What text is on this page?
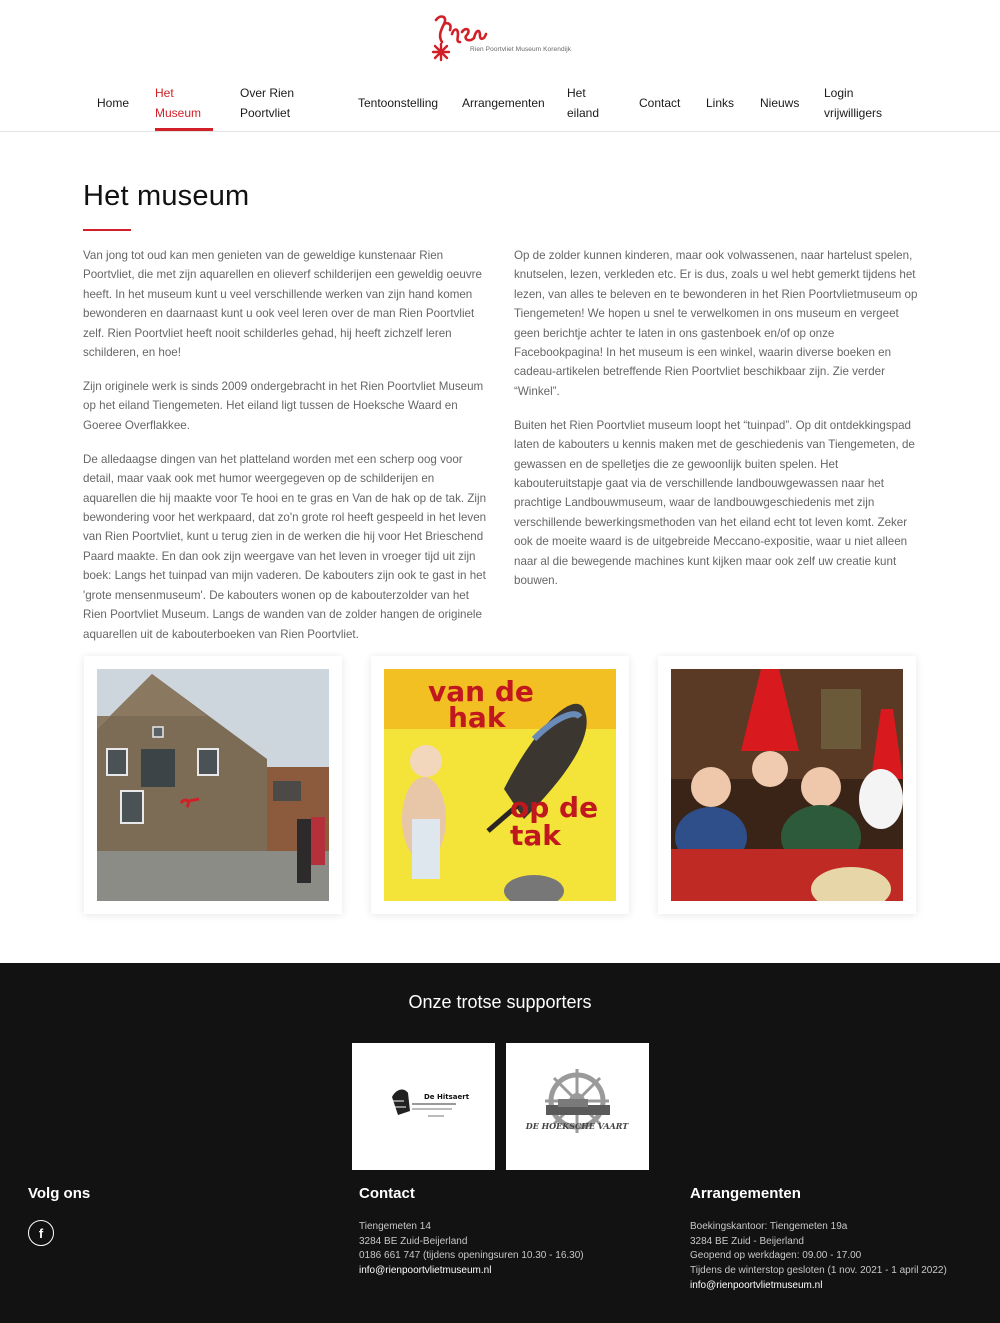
Rien Poortvliet Museum Korendijk
Home
Het
Museum
Over Rien
Poortvliet
Tentoonstelling Arrangementen
Het
eiland
Contact Links Nieuws
Login
vrijwilligers
Het museum

Van jong tot oud kan men genieten van de geweldige kunstenaar Rien Poortvliet, die met zijn aquarellen en olieverf schilderijen een geweldig oeuvre heeft. In het museum kunt u veel verschillende werken van zijn hand komen bewonderen en daarnaast kunt u ook veel leren over de man Rien Poortvliet zelf. Rien Poortvliet heeft nooit schilderles gehad, hij heeft zichzelf leren schilderen, en hoe!

Zijn originele werk is sinds 2009 ondergebracht in het Rien Poortvliet Museum op het eiland Tiengemeten. Het eiland ligt tussen de Hoeksche Waard en Goeree Overflakkee.

De alledaagse dingen van het platteland worden met een scherp oog voor detail, maar vaak ook met humor weergegeven op de schilderijen en aquarellen die hij maakte voor Te hooi en te gras en Van de hak op de tak. Zijn bewondering voor het werkpaard, dat zo'n grote rol heeft gespeeld in het leven van Rien Poortvliet, kunt u terug zien in de werken die hij voor Het Brieschend Paard maakte. En dan ook zijn weergave van het leven in vroeger tijd uit zijn boek: Langs het tuinpad van mijn vaderen. De kabouters zijn ook te gast in het 'grote mensenmuseum'. De kabouters wonen op de kabouterzolder van het Rien Poortvliet Museum. Langs de wanden van de zolder hangen de originele aquarellen uit de kabouterboeken van Rien Poortvliet.

Op de zolder kunnen kinderen, maar ook volwassenen, naar hartelust spelen, knutselen, lezen, verkleden etc. Er is dus, zoals u wel hebt gemerkt tijdens het lezen, van alles te beleven en te bewonderen in het Rien Poortvlietmuseum op Tiengemeten! We hopen u snel te verwelkomen in ons museum en vergeet geen berichtje achter te laten in ons gastenboek en/of op onze Facebookpagina! In het museum is een winkel, waarin diverse boeken en cadeau-artikelen betreffende Rien Poortvliet beschikbaar zijn. Zie verder “Winkel”.

Buiten het Rien Poortvliet museum loopt het “tuinpad”. Op dit ontdekkingspad laten de kabouters u kennis maken met de geschiedenis van Tiengemeten, de gewassen en de spelletjes die ze gewoonlijk buiten spelen. Het kabouteruitstapje gaat via de verschillende landbouwgewassen naar het prachtige Landbouwmuseum, waar de landbouwgeschiedenis met zijn verschillende bewerkingsmethoden van het eiland echt tot leven komt. Zeker ook de moeite waard is de uitgebreide Meccano-expositie, waar u niet alleen naar al die bewegende machines kunt kijken maar ook zelf uw creatie kunt bouwen.

van de
hak
op de
tak
Onze trotse supporters
De Hitsaert
DE HOEKSCHE VAART
Volg ons
f
Contact
Tiengemeten 14
3284 BE Zuid-Beijerland
0186 661 747 (tijdens openingsuren 10.30 - 16.30)
info@rienpoortvlietmuseum.nl
Arrangementen
Boekingskantoor: Tiengemeten 19a
3284 BE Zuid - Beijerland
Geopend op werkdagen: 09.00 - 17.00
Tijdens de winterstop gesloten (1 nov. 2021 - 1 april 2022)
info@rienpoortvlietmuseum.nl
